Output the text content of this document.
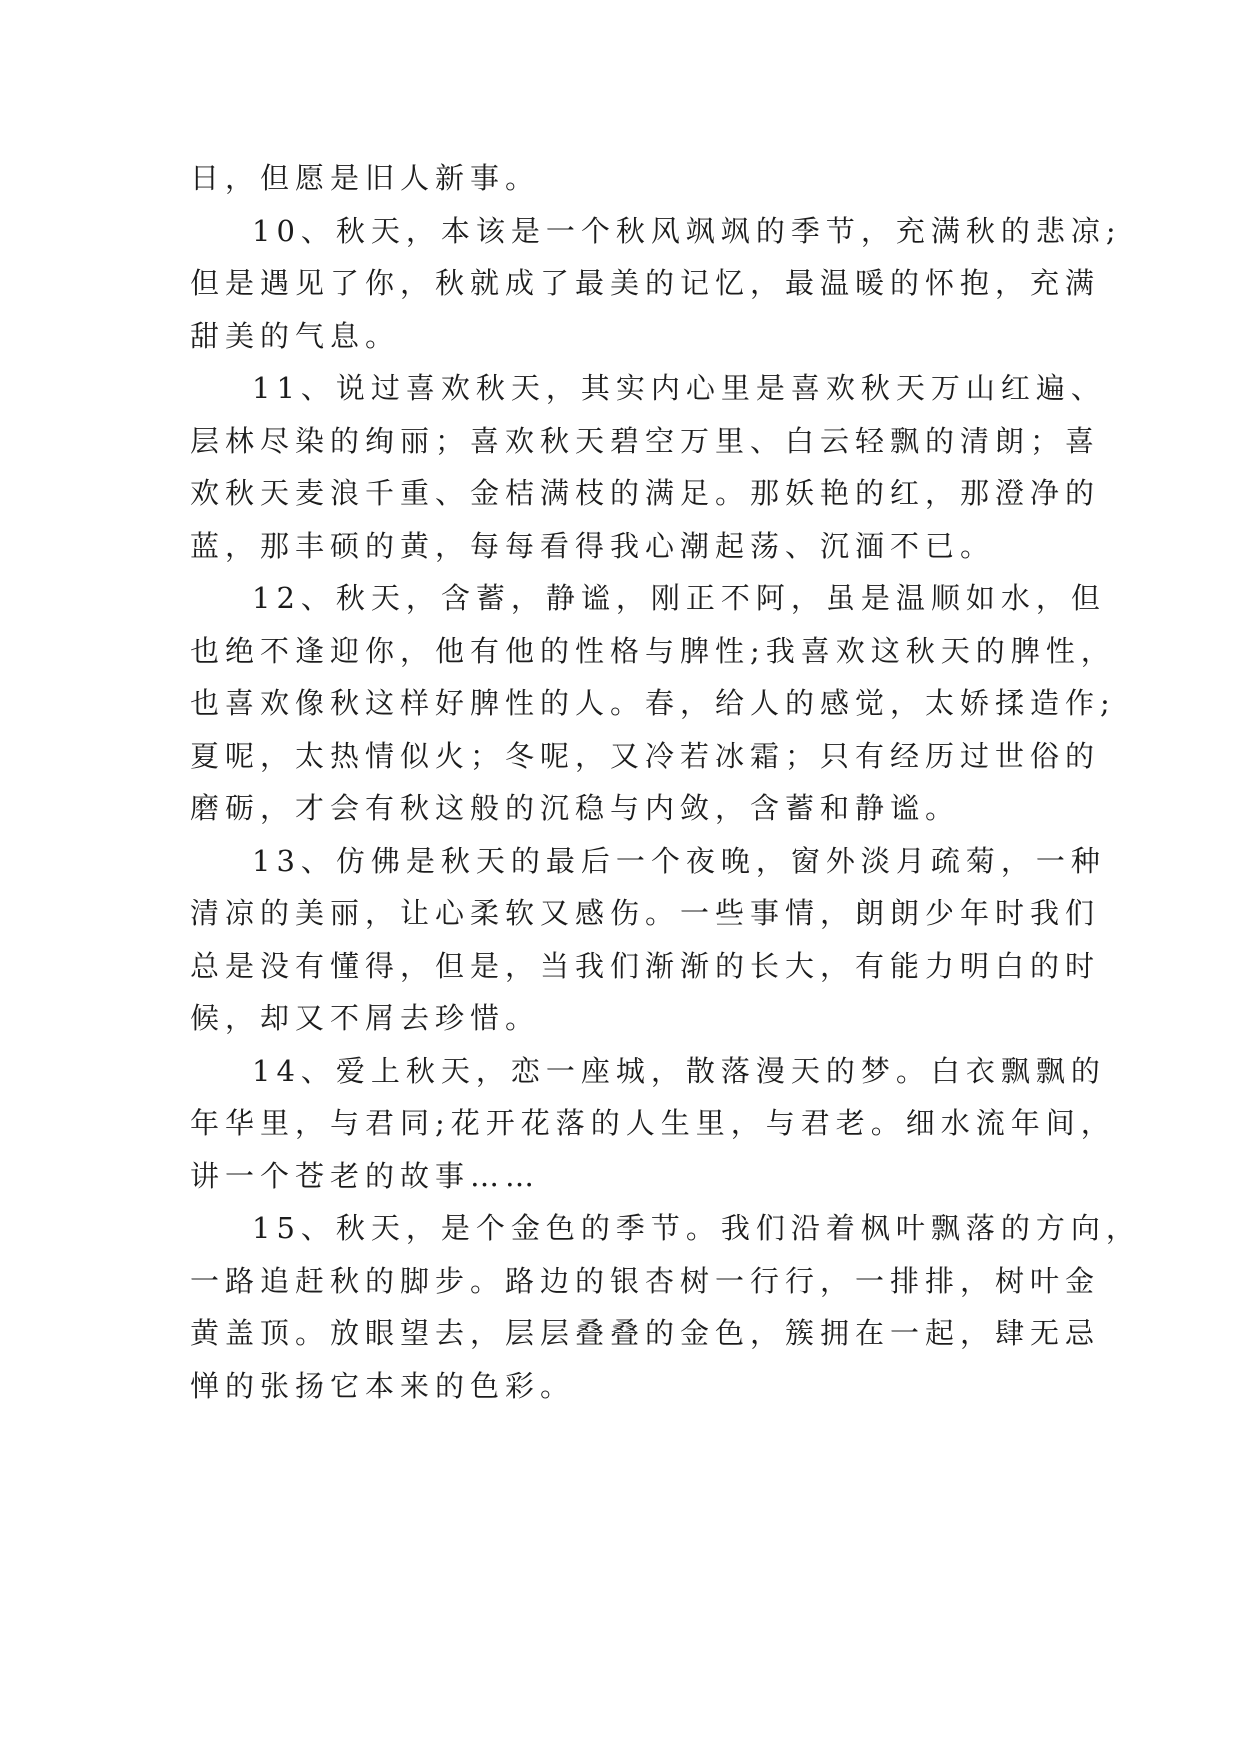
日，但愿是旧人新事。
10、秋天，本该是一个秋风飒飒的季节，充满秋的悲凉;
但是遇见了你，秋就成了最美的记忆，最温暖的怀抱，充满
甜美的气息。
11、说过喜欢秋天，其实内心里是喜欢秋天万山红遍、
层林尽染的绚丽；喜欢秋天碧空万里、白云轻飘的清朗；喜
欢秋天麦浪千重、金桔满枝的满足。那妖艳的红，那澄净的
蓝，那丰硕的黄，每每看得我心潮起荡、沉湎不已。
12、秋天，含蓄，静谧，刚正不阿，虽是温顺如水，但
也绝不逢迎你，他有他的性格与脾性;我喜欢这秋天的脾性，
也喜欢像秋这样好脾性的人。春，给人的感觉，太娇揉造作;
夏呢，太热情似火；冬呢，又冷若冰霜；只有经历过世俗的
磨砺，才会有秋这般的沉稳与内敛，含蓄和静谧。
13、仿佛是秋天的最后一个夜晚，窗外淡月疏菊，一种
清凉的美丽，让心柔软又感伤。一些事情，朗朗少年时我们
总是没有懂得，但是，当我们渐渐的长大，有能力明白的时
候，却又不屑去珍惜。
14、爱上秋天，恋一座城，散落漫天的梦。白衣飘飘的
年华里，与君同;花开花落的人生里，与君老。细水流年间，
讲一个苍老的故事……
15、秋天，是个金色的季节。我们沿着枫叶飘落的方向，
一路追赶秋的脚步。路边的银杏树一行行，一排排，树叶金
黄盖顶。放眼望去，层层叠叠的金色，簇拥在一起，肆无忌
惮的张扬它本来的色彩。
